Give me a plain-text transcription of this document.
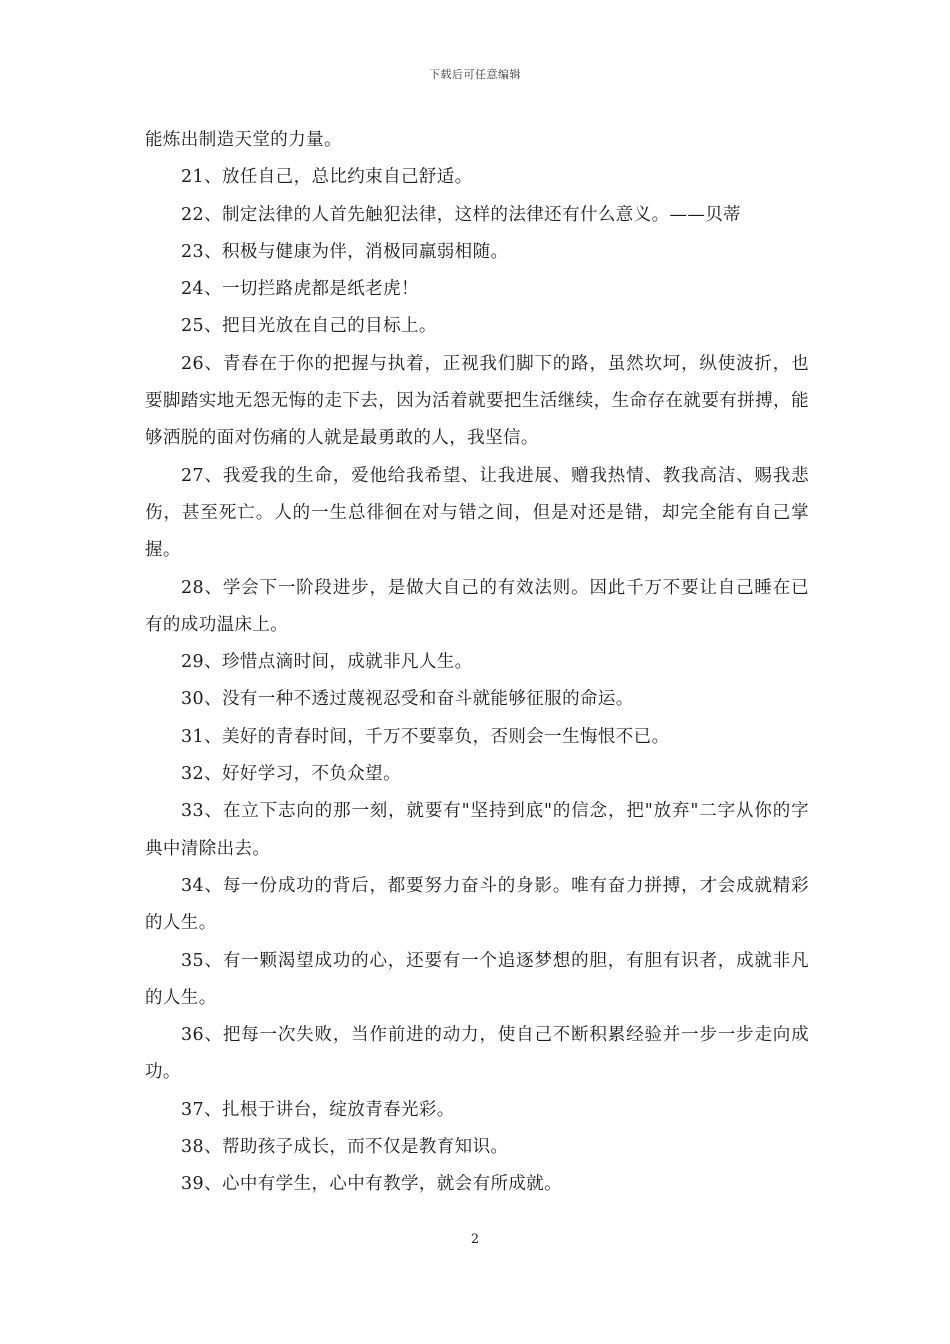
下载后可任意编辑

能炼出制造天堂的力量。

21、放任自己，总比约束自己舒适。

22、制定法律的人首先触犯法律，这样的法律还有什么意义。——贝蒂

23、积极与健康为伴，消极同羸弱相随。

24、一切拦路虎都是纸老虎！

25、把目光放在自己的目标上。

26、青春在于你的把握与执着，正视我们脚下的路，虽然坎坷，纵使波折，也要脚踏实地无怨无悔的走下去，因为活着就要把生活继续，生命存在就要有拼搏，能够洒脱的面对伤痛的人就是最勇敢的人，我坚信。

27、我爱我的生命，爱他给我希望、让我进展、赠我热情、教我高洁、赐我悲伤，甚至死亡。人的一生总徘徊在对与错之间，但是对还是错，却完全能有自己掌握。

28、学会下一阶段进步，是做大自己的有效法则。因此千万不要让自己睡在已有的成功温床上。

29、珍惜点滴时间，成就非凡人生。

30、没有一种不透过蔑视忍受和奋斗就能够征服的命运。

31、美好的青春时间，千万不要辜负，否则会一生悔恨不已。

32、好好学习，不负众望。

33、在立下志向的那一刻，就要有"坚持到底"的信念，把"放弃"二字从你的字典中清除出去。

34、每一份成功的背后，都要努力奋斗的身影。唯有奋力拼搏，才会成就精彩的人生。

35、有一颗渴望成功的心，还要有一个追逐梦想的胆，有胆有识者，成就非凡的人生。

36、把每一次失败，当作前进的动力，使自己不断积累经验并一步一步走向成功。

37、扎根于讲台，绽放青春光彩。

38、帮助孩子成长，而不仅是教育知识。

39、心中有学生，心中有教学，就会有所成就。

2
